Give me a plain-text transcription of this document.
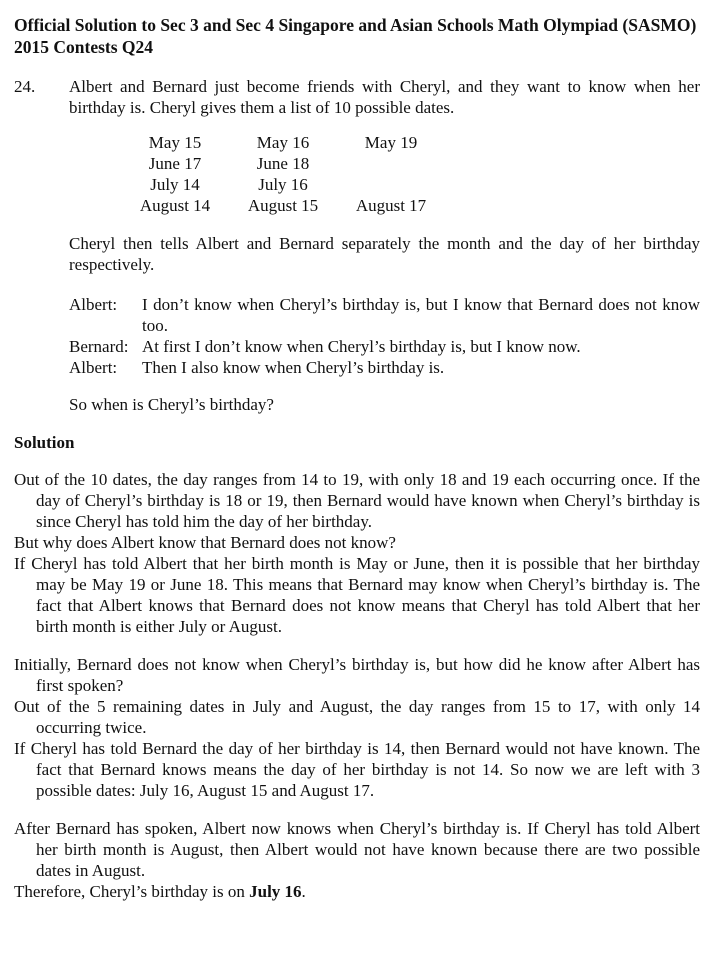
Official Solution to Sec 3 and Sec 4 Singapore and Asian Schools Math Olympiad (SASMO) 2015 Contests Q24

24.	Albert and Bernard just become friends with Cheryl, and they want to know when her birthday is. Cheryl gives them a list of 10 possible dates.

May 15	May 16	May 19
June 17	June 18
July 14	July 16
August 14	August 15	August 17

Cheryl then tells Albert and Bernard separately the month and the day of her birthday respectively.

Albert:	I don’t know when Cheryl’s birthday is, but I know that Bernard does not know too.
Bernard: At first I don’t know when Cheryl’s birthday is, but I know now.
Albert:	Then I also know when Cheryl’s birthday is.

So when is Cheryl’s birthday?

Solution

Out of the 10 dates, the day ranges from 14 to 19, with only 18 and 19 each occurring once. If the day of Cheryl’s birthday is 18 or 19, then Bernard would have known when Cheryl’s birthday is since Cheryl has told him the day of her birthday.

But why does Albert know that Bernard does not know?

If Cheryl has told Albert that her birth month is May or June, then it is possible that her birthday may be May 19 or June 18. This means that Bernard may know when Cheryl’s birthday is. The fact that Albert knows that Bernard does not know means that Cheryl has told Albert that her birth month is either July or August.

Initially, Bernard does not know when Cheryl’s birthday is, but how did he know after Albert has first spoken?

Out of the 5 remaining dates in July and August, the day ranges from 15 to 17, with only 14 occurring twice.

If Cheryl has told Bernard the day of her birthday is 14, then Bernard would not have known. The fact that Bernard knows means the day of her birthday is not 14. So now we are left with 3 possible dates: July 16, August 15 and August 17.

After Bernard has spoken, Albert now knows when Cheryl’s birthday is. If Cheryl has told Albert her birth month is August, then Albert would not have known because there are two possible dates in August.

Therefore, Cheryl’s birthday is on July 16.
